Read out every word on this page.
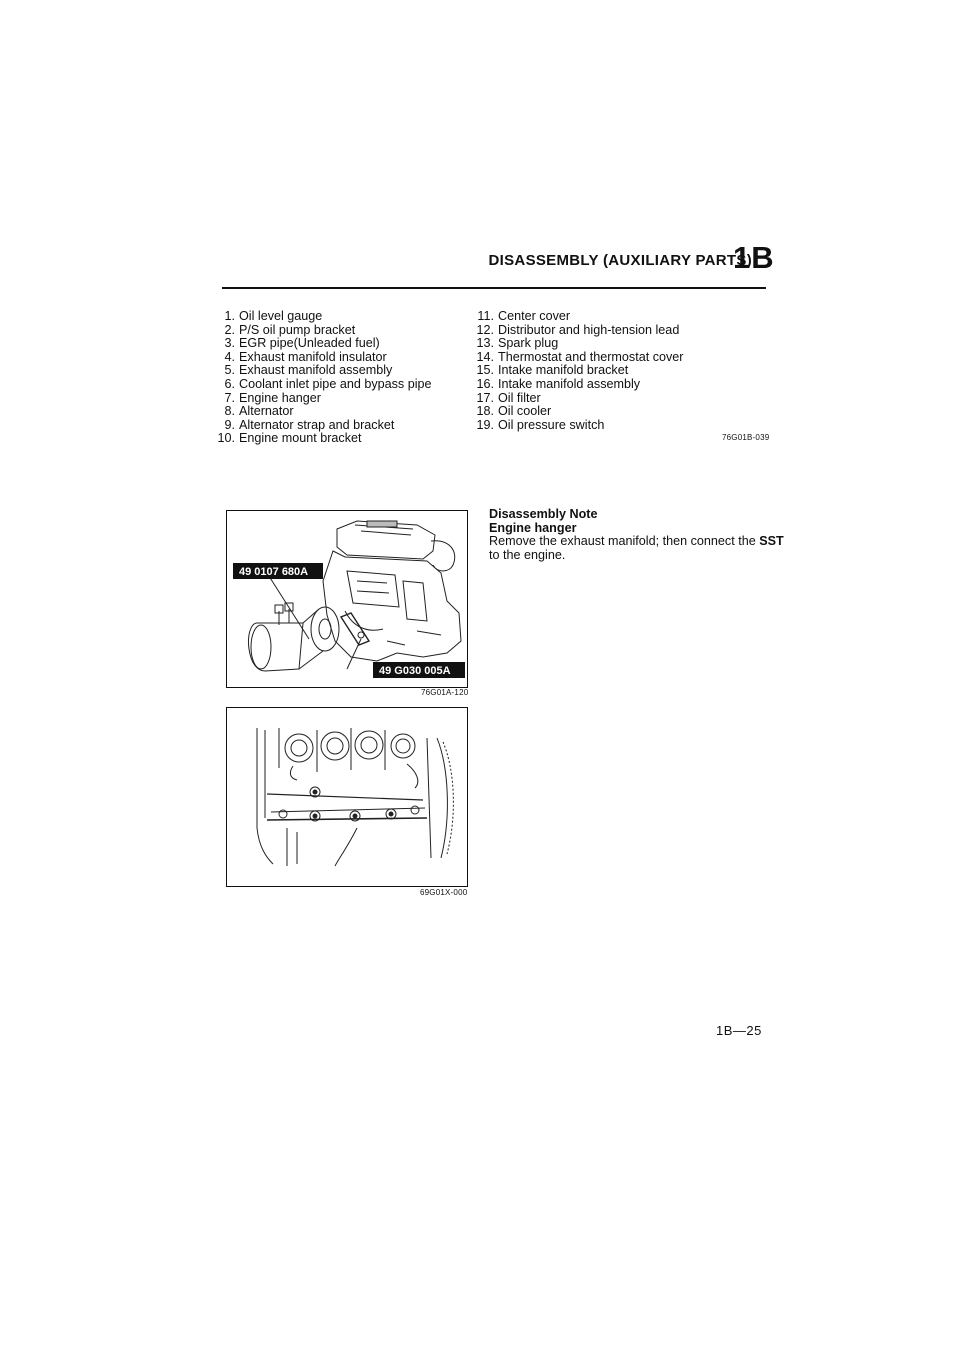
DISASSEMBLY (AUXILIARY PARTS)
1B
1. Oil level gauge
2. P/S oil pump bracket
3. EGR pipe(Unleaded fuel)
4. Exhaust manifold insulator
5. Exhaust manifold assembly
6. Coolant inlet pipe and bypass pipe
7. Engine hanger
8. Alternator
9. Alternator strap and bracket
10. Engine mount bracket
11. Center cover
12. Distributor and high-tension lead
13. Spark plug
14. Thermostat and thermostat cover
15. Intake manifold bracket
16. Intake manifold assembly
17. Oil filter
18. Oil cooler
19. Oil pressure switch
76G01B-039
49 0107 680A
49 G030 005A
76G01A-120
69G01X-000
Disassembly Note
Engine hanger
Remove the exhaust manifold; then connect the SST to the engine.
1B—25
